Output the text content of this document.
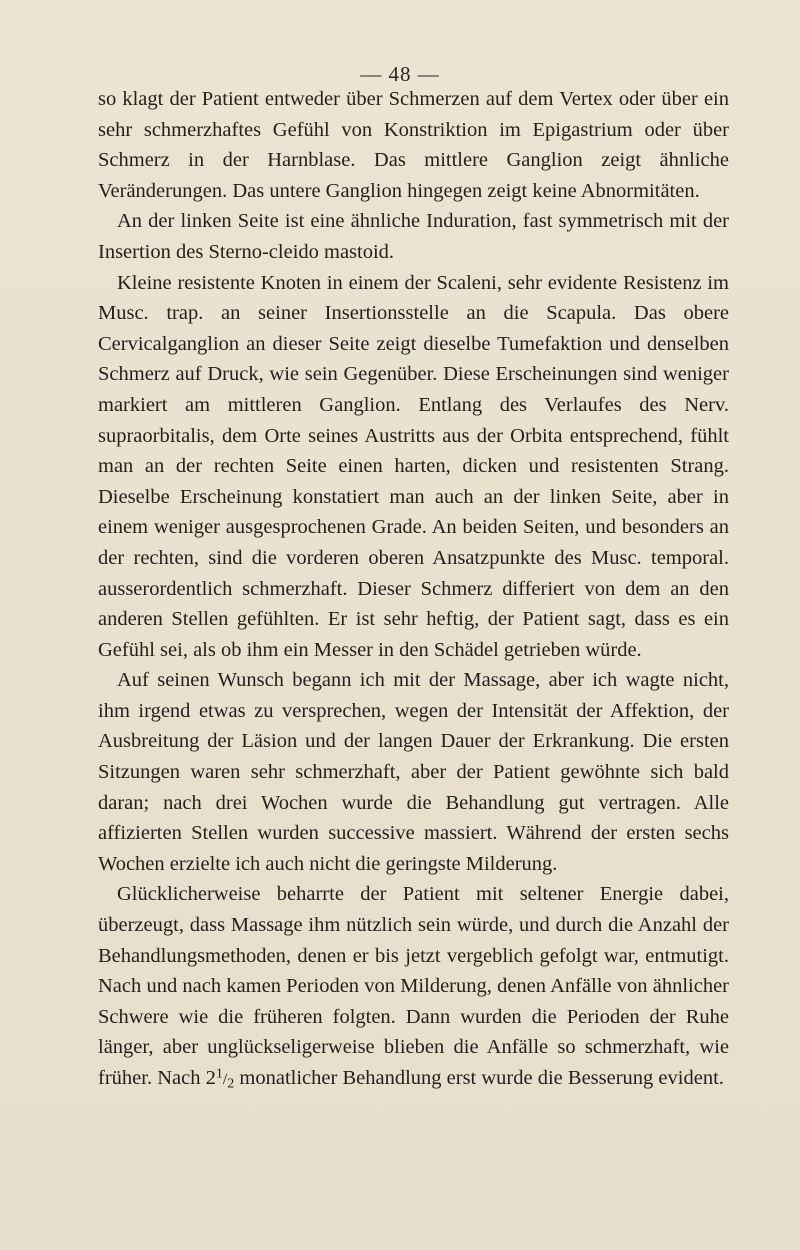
— 48 —

so klagt der Patient entweder über Schmerzen auf dem Vertex oder über ein sehr schmerzhaftes Gefühl von Konstriktion im Epigastrium oder über Schmerz in der Harnblase. Das mittlere Ganglion zeigt ähnliche Veränderungen. Das untere Ganglion hingegen zeigt keine Abnormitäten.

An der linken Seite ist eine ähnliche Induration, fast symmetrisch mit der Insertion des Sterno-cleido mastoid.

Kleine resistente Knoten in einem der Scaleni, sehr evidente Resistenz im Musc. trap. an seiner Insertionsstelle an die Scapula. Das obere Cervicalganglion an dieser Seite zeigt dieselbe Tumefaktion und denselben Schmerz auf Druck, wie sein Gegenüber. Diese Erscheinungen sind weniger markiert am mittleren Ganglion. Entlang des Verlaufes des Nerv. supraorbitalis, dem Orte seines Austritts aus der Orbita entsprechend, fühlt man an der rechten Seite einen harten, dicken und resistenten Strang. Dieselbe Erscheinung konstatiert man auch an der linken Seite, aber in einem weniger ausgesprochenen Grade. An beiden Seiten, und besonders an der rechten, sind die vorderen oberen Ansatzpunkte des Musc. temporal. ausserordentlich schmerzhaft. Dieser Schmerz differiert von dem an den anderen Stellen gefühlten. Er ist sehr heftig, der Patient sagt, dass es ein Gefühl sei, als ob ihm ein Messer in den Schädel getrieben würde.

Auf seinen Wunsch begann ich mit der Massage, aber ich wagte nicht, ihm irgend etwas zu versprechen, wegen der Intensität der Affektion, der Ausbreitung der Läsion und der langen Dauer der Erkrankung. Die ersten Sitzungen waren sehr schmerzhaft, aber der Patient gewöhnte sich bald daran; nach drei Wochen wurde die Behandlung gut vertragen. Alle affizierten Stellen wurden successive massiert. Während der ersten sechs Wochen erzielte ich auch nicht die geringste Milderung.

Glücklicherweise beharrte der Patient mit seltener Energie dabei, überzeugt, dass Massage ihm nützlich sein würde, und durch die Anzahl der Behandlungsmethoden, denen er bis jetzt vergeblich gefolgt war, entmutigt. Nach und nach kamen Perioden von Milderung, denen Anfälle von ähnlicher Schwere wie die früheren folgten. Dann wurden die Perioden der Ruhe länger, aber unglückseligerweise blieben die Anfälle so schmerzhaft, wie früher. Nach $2^1/2$ monatlicher Behandlung erst wurde die Besserung evident.
